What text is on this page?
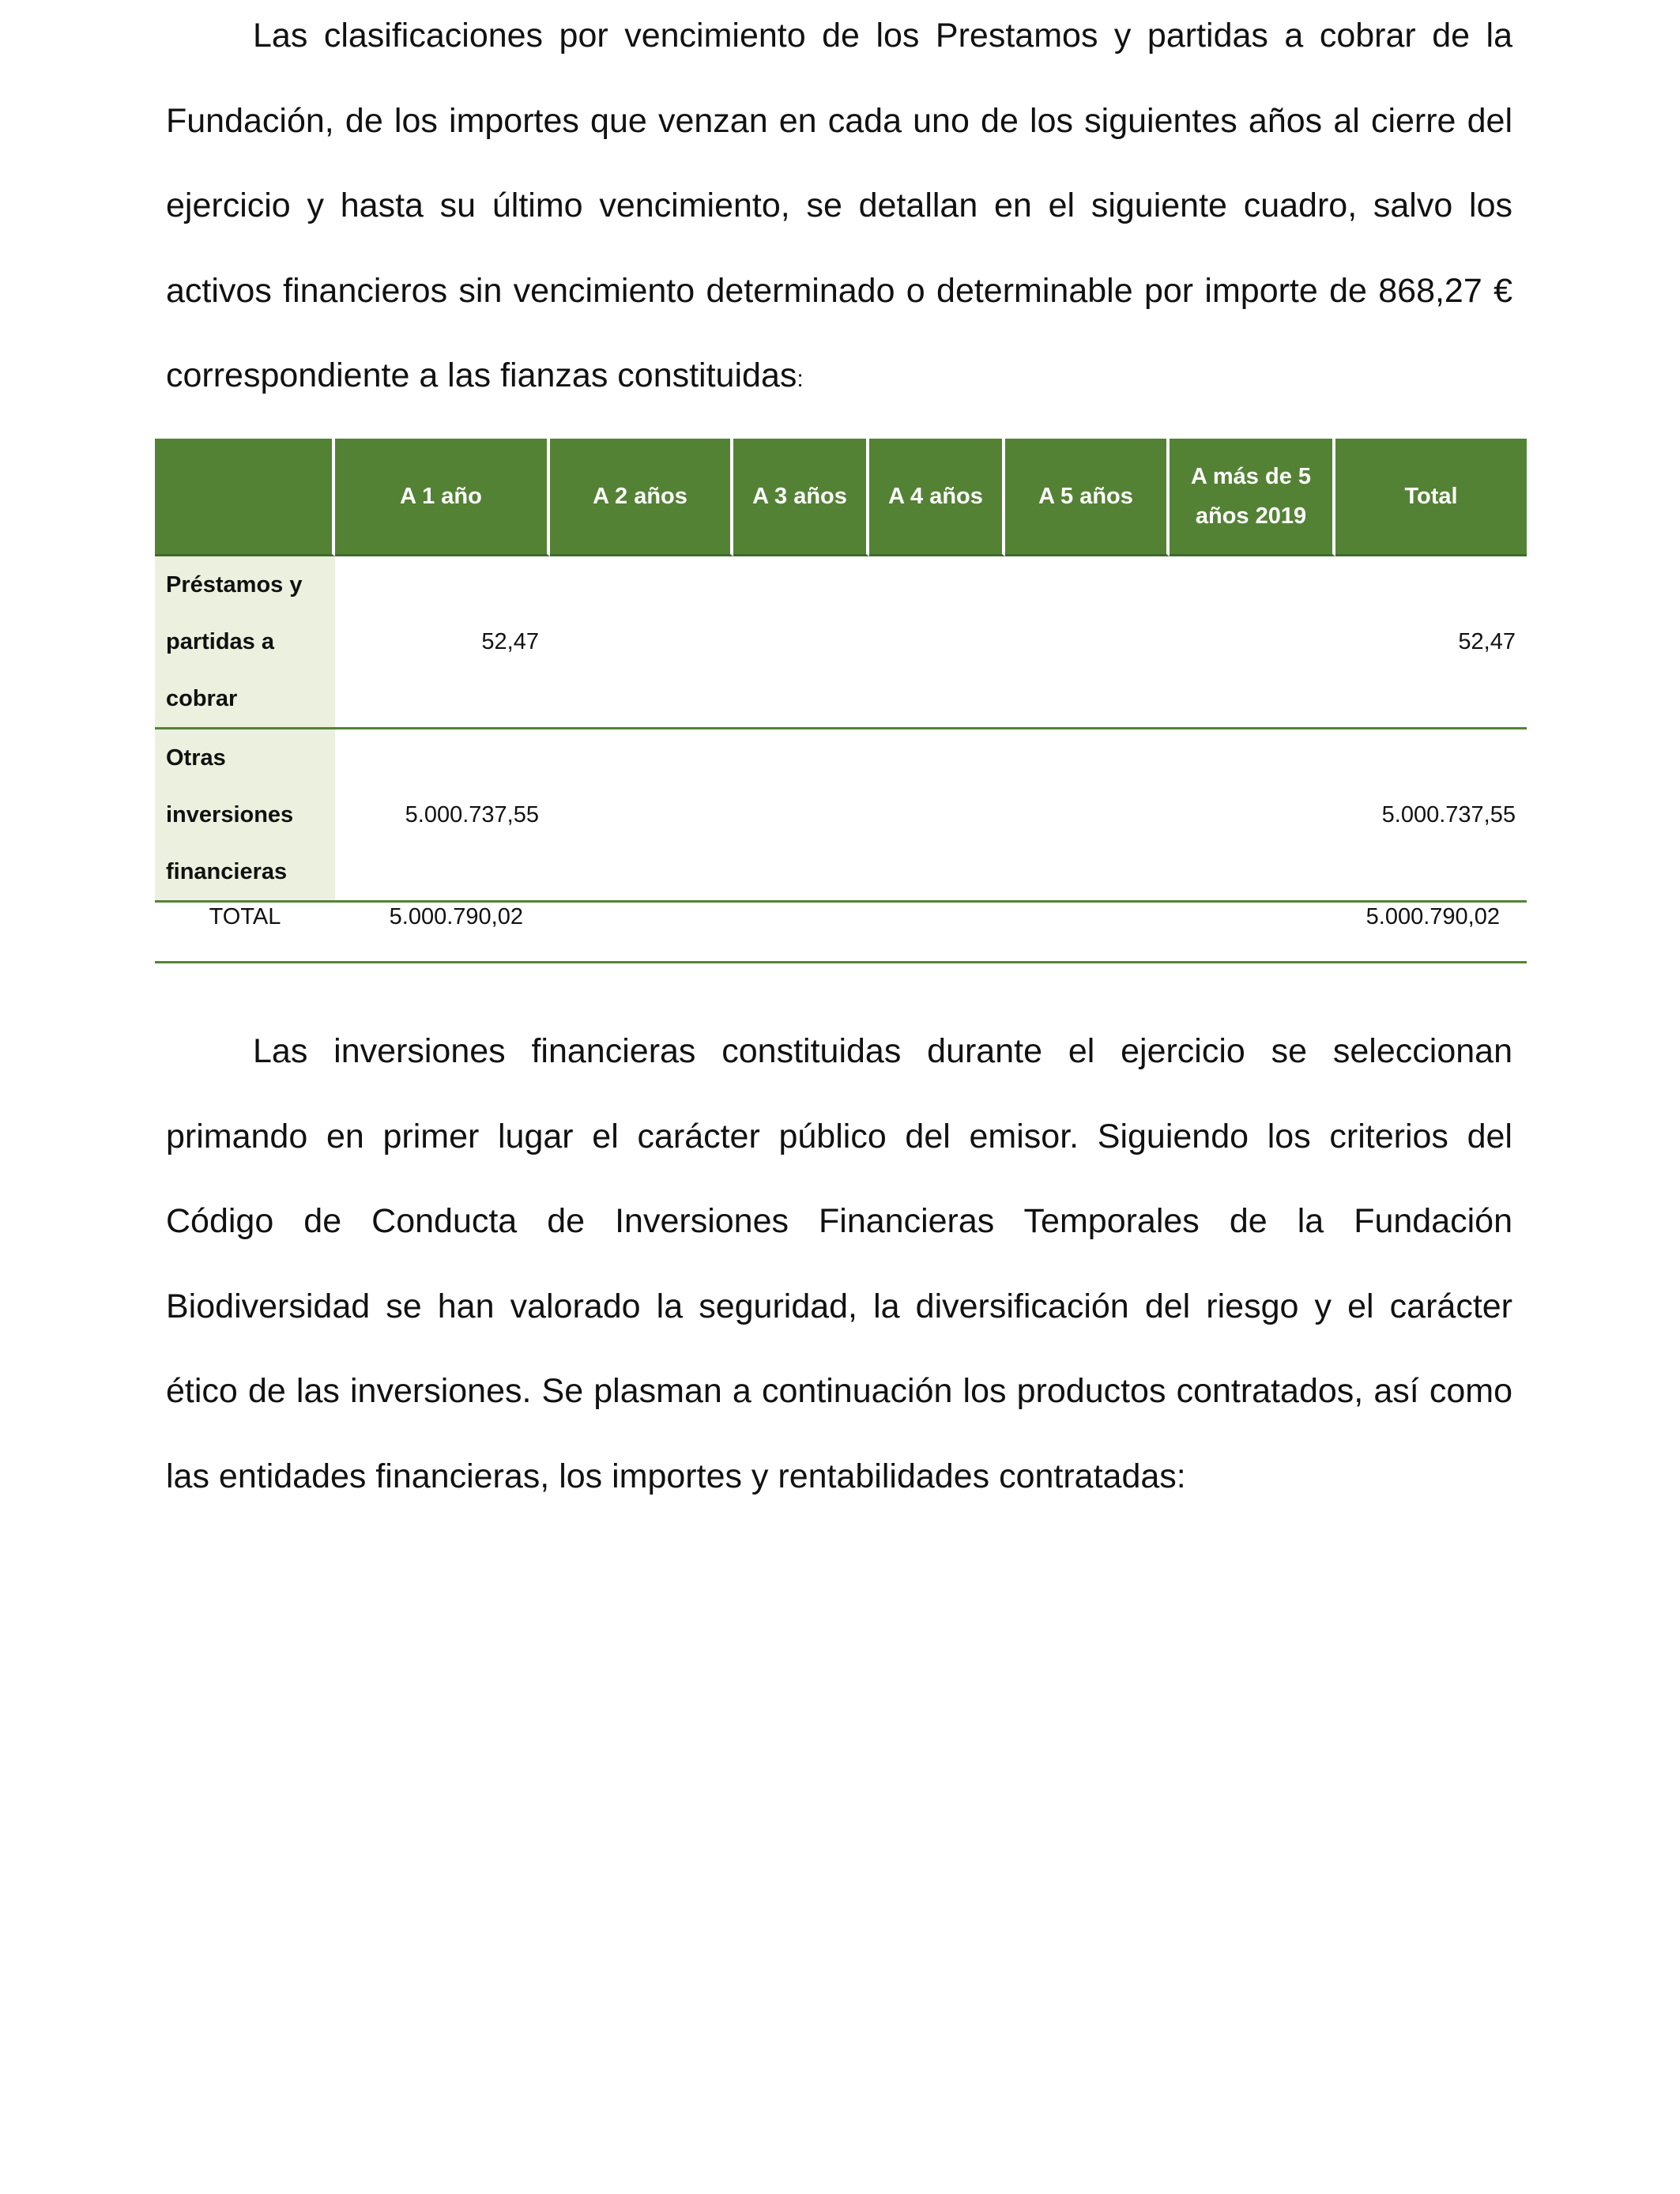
Las clasificaciones por vencimiento de los Prestamos y partidas a cobrar de la Fundación, de los importes que venzan en cada uno de los siguientes años al cierre del ejercicio y hasta su último vencimiento, se detallan en el siguiente cuadro, salvo los activos financieros sin vencimiento determinado o determinable por importe de 868,27 € correspondiente a las fianzas constituidas:

	A 1 año	A 2 años	A 3 años	A 4 años	A 5 años	A más de 5 años 2019	Total
Préstamos y partidas a cobrar	52,47						52,47
Otras inversiones financieras	5.000.737,55						5.000.737,55
TOTAL	5.000.790,02						5.000.790,02

Las inversiones financieras constituidas durante el ejercicio se seleccionan primando en primer lugar el carácter público del emisor. Siguiendo los criterios del Código de Conducta de Inversiones Financieras Temporales de la Fundación Biodiversidad se han valorado la seguridad, la diversificación del riesgo y el carácter ético de las inversiones. Se plasman a continuación los productos contratados, así como las entidades financieras, los importes y rentabilidades contratadas:
